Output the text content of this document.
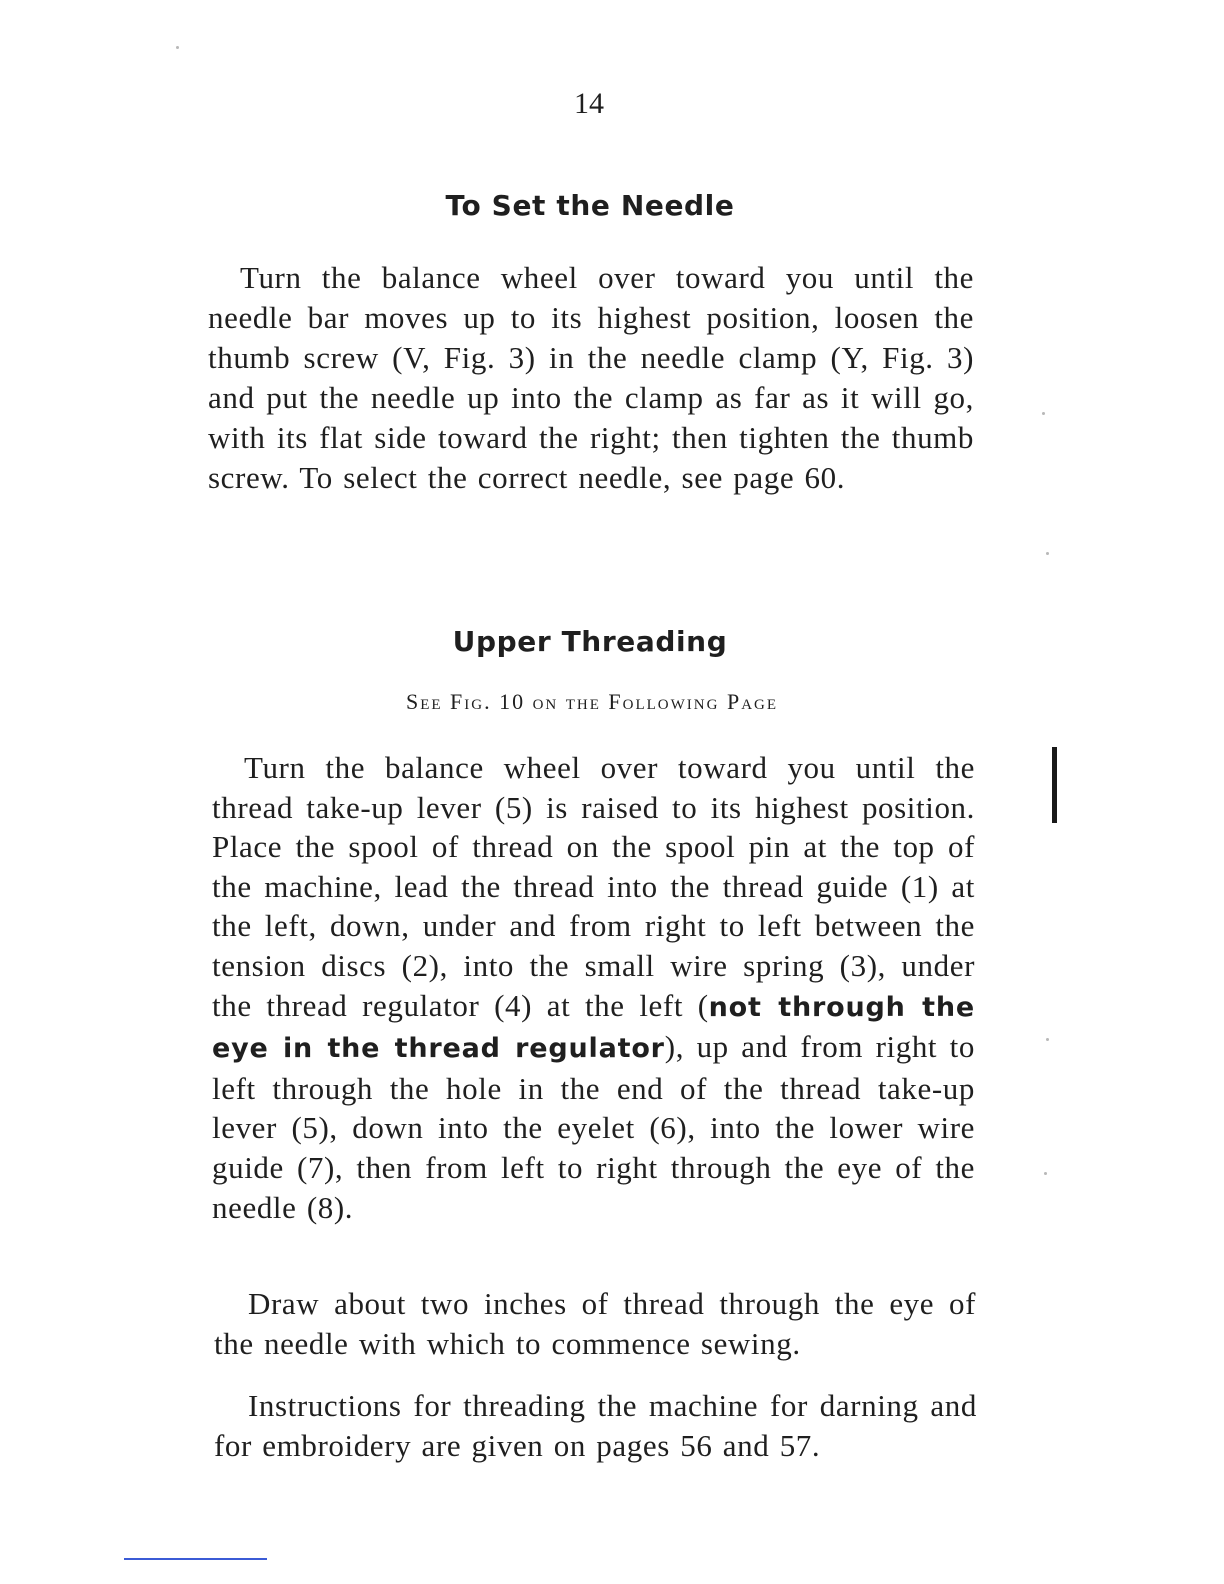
14
To Set the Needle

Turn the balance wheel over toward you until the needle bar moves up to its highest position, loosen the thumb screw (V, Fig. 3) in the needle clamp (Y, Fig. 3) and put the needle up into the clamp as far as it will go, with its flat side toward the right; then tighten the thumb screw. To select the correct needle, see page 60.

Upper Threading
See Fig. 10 on the Following Page

Turn the balance wheel over toward you until the thread take-up lever (5) is raised to its highest position. Place the spool of thread on the spool pin at the top of the machine, lead the thread into the thread guide (1) at the left, down, under and from right to left between the tension discs (2), into the small wire spring (3), under the thread regulator (4) at the left (not through the eye in the thread regulator), up and from right to left through the hole in the end of the thread take-up lever (5), down into the eyelet (6), into the lower wire guide (7), then from left to right through the eye of the needle (8).

Draw about two inches of thread through the eye of the needle with which to commence sewing.

Instructions for threading the machine for darning and for embroidery are given on pages 56 and 57.
